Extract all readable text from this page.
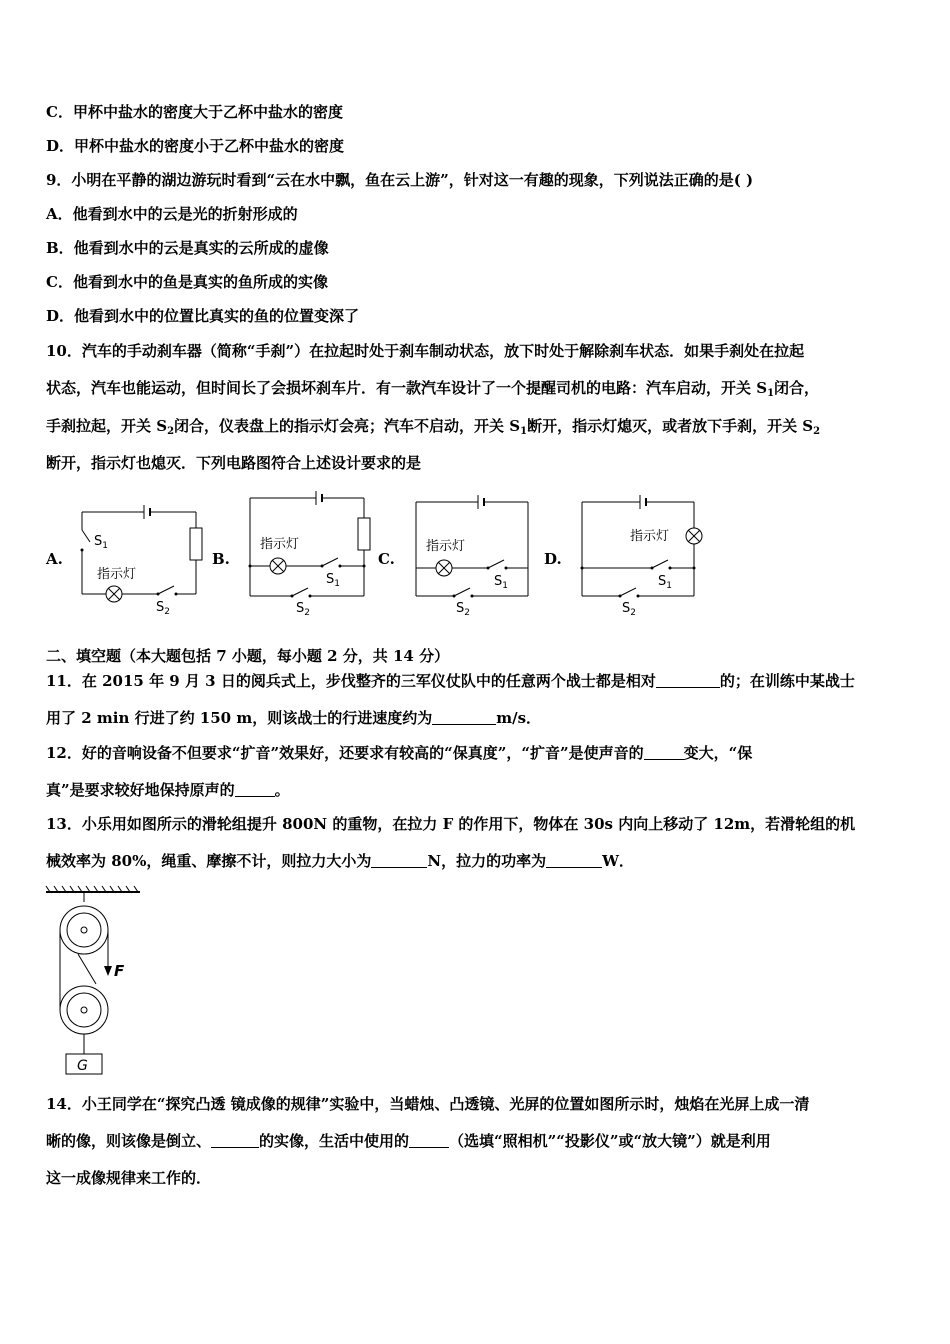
C．甲杯中盐水的密度大于乙杯中盐水的密度
D．甲杯中盐水的密度小于乙杯中盐水的密度
9．小明在平静的湖边游玩时看到“云在水中飘，鱼在云上游”，针对这一有趣的现象，下列说法正确的是( )
A．他看到水中的云是光的折射形成的
B．他看到水中的云是真实的云所成的虚像
C．他看到水中的鱼是真实的鱼所成的实像
D．他看到水中的位置比真实的鱼的位置变深了
10．汽车的手动刹车器（简称“手刹”）在拉起时处于刹车制动状态，放下时处于解除刹车状态．如果手刹处在拉起
状态，汽车也能运动，但时间长了会损坏刹车片．有一款汽车设计了一个提醒司机的电路：汽车启动，开关 $S_1$闭合，
手刹拉起，开关 $S_2$闭合，仪表盘上的指示灯会亮；汽车不启动，开关 $S_1$断开，指示灯熄灭，或者放下手刹，开关 $S_2$
断开，指示灯也熄灭．下列电路图符合上述设计要求的是
A.	B.	C.	D.
$S_1$
指示灯
$S_2$
指示灯
$S_1$
$S_2$
指示灯
$S_1$
$S_2$
指示灯
$S_1$
$S_2$
二、填空题（本大题包括 7 小题，每小题 2 分，共 14 分）
11．在 2015 年 9 月 3 日的阅兵式上，步伐整齐的三军仪仗队中的任意两个战士都是相对	的；在训练中某战士
用了 2 min 行进了约 150 m，则该战士的行进速度约为	m/s．
12．好的音响设备不但要求“扩音”效果好，还要求有较高的“保真度”，“扩音”是使声音的	变大，“保
真”是要求较好地保持原声的	。
13．小乐用如图所示的滑轮组提升 800N 的重物，在拉力 F 的作用下，物体在 30s 内向上移动了 12m，若滑轮组的机
械效率为 80%，绳重、摩擦不计，则拉力大小为	N，拉力的功率为	W．
F
G
14．小王同学在“探究凸透 镜成像的规律”实验中，当蜡烛、凸透镜、光屏的位置如图所示时，烛焰在光屏上成一清
晰的像，则该像是倒立、	的实像，生活中使用的	（选填“照相机”“投影仪”或“放大镜”）就是利用
这一成像规律来工作的．
